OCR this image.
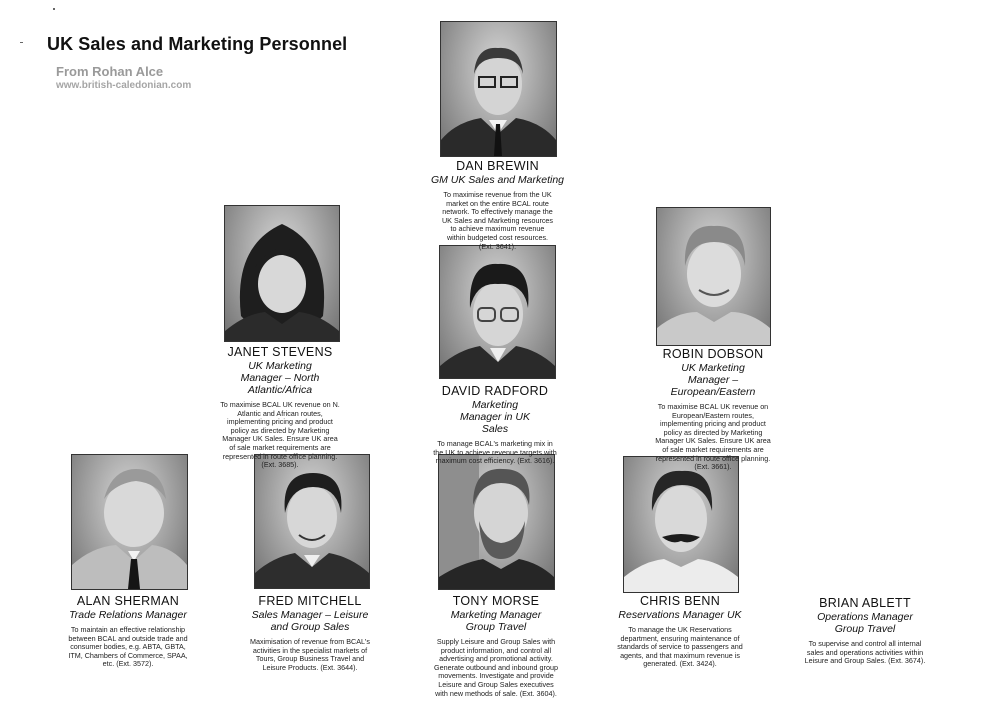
UK Sales and Marketing Personnel
From Rohan Alce
www.british-caledonian.com
DAN BREWIN
GM UK Sales and Marketing
To maximise revenue from the UK market on the entire BCAL route network. To effectively manage the UK Sales and Marketing resources to achieve maximum revenue within budgeted cost resources. (Ext. 3641).
JANET STEVENS
UK Marketing Manager – North Atlantic/Africa
To maximise BCAL UK revenue on N. Atlantic and African routes, implementing pricing and product policy as directed by Marketing Manager UK Sales. Ensure UK area of sale market requirements are represented in route office planning. (Ext. 3685).
DAVID RADFORD
Marketing Manager in UK Sales
To manage BCAL's marketing mix in the UK to achieve revenue targets with maximum cost efficiency. (Ext. 3616).
ROBIN DOBSON
UK Marketing Manager – European/Eastern
To maximise BCAL UK revenue on European/Eastern routes, implementing pricing and product policy as directed by Marketing Manager UK Sales. Ensure UK area of sale market requirements are represented in route office planning. (Ext. 3661).
ALAN SHERMAN
Trade Relations Manager
To maintain an effective relationship between BCAL and outside trade and consumer bodies, e.g. ABTA, GBTA, ITM, Chambers of Commerce, SPAA, etc. (Ext. 3572).
FRED MITCHELL
Sales Manager – Leisure and Group Sales
Maximisation of revenue from BCAL's activities in the specialist markets of Tours, Group Business Travel and Leisure Products. (Ext. 3644).
TONY MORSE
Marketing Manager Group Travel
Supply Leisure and Group Sales with product information, and control all advertising and promotional activity. Generate outbound and inbound group movements. Investigate and provide Leisure and Group Sales executives with new methods of sale. (Ext. 3604).
CHRIS BENN
Reservations Manager UK
To manage the UK Reservations department, ensuring maintenance of standards of service to passengers and agents, and that maximum revenue is generated. (Ext. 3424).
BRIAN ABLETT
Operations Manager Group Travel
To supervise and control all internal sales and operations activities within Leisure and Group Sales. (Ext. 3674).
